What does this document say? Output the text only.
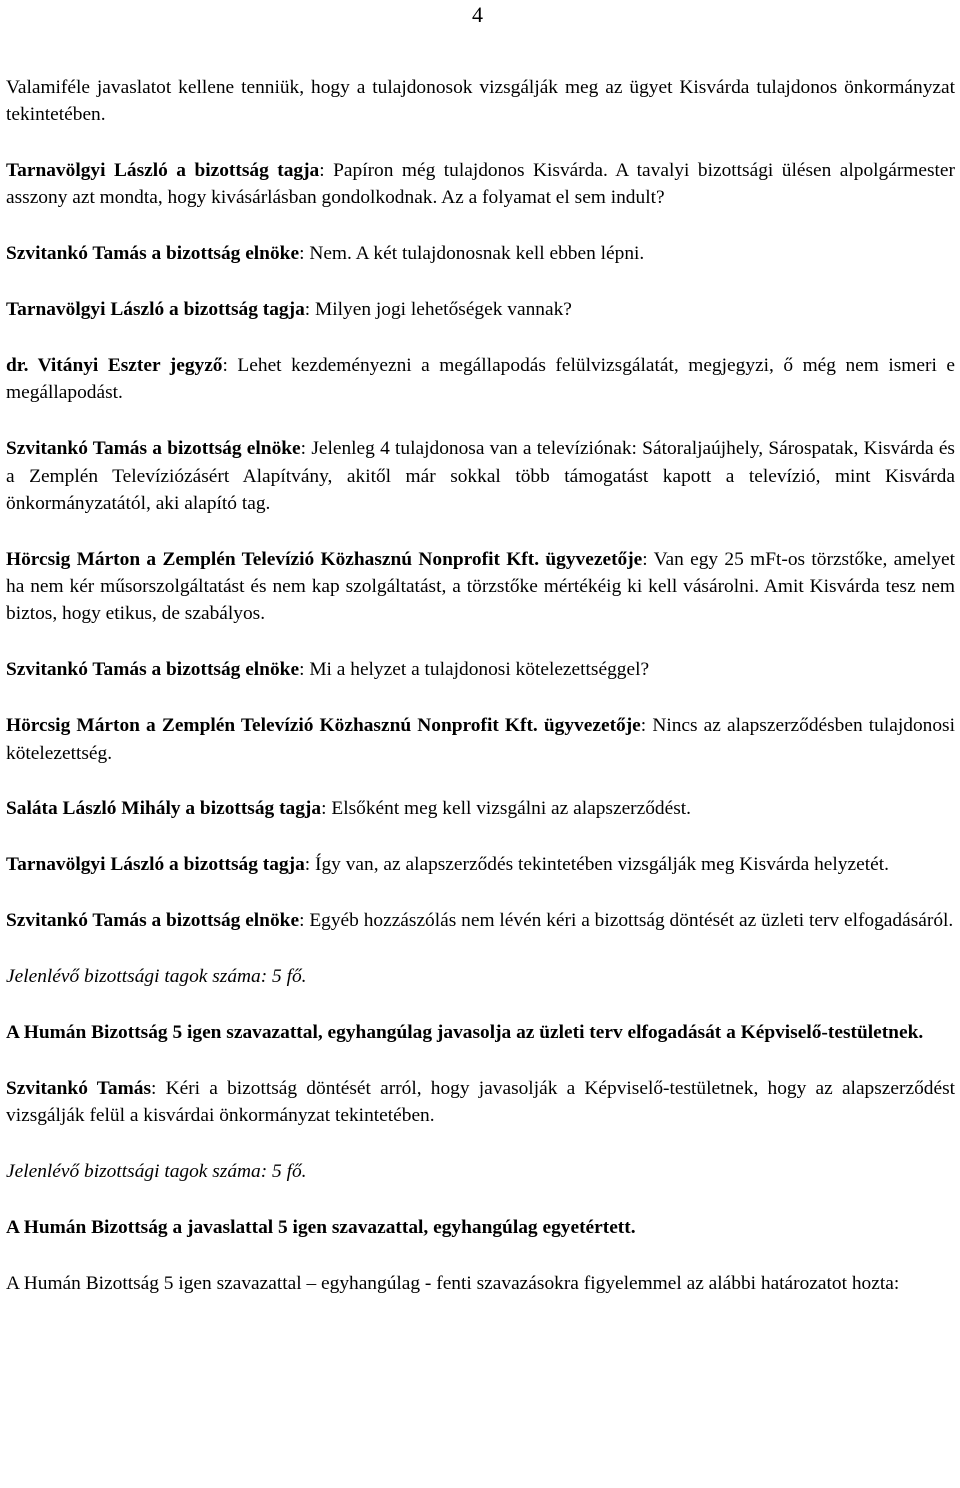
4

Valamiféle javaslatot kellene tenniük, hogy a tulajdonosok vizsgálják meg az ügyet Kisvárda tulajdonos önkormányzat tekintetében.

Tarnavölgyi László a bizottság tagja: Papíron még tulajdonos Kisvárda. A tavalyi bizottsági ülésen alpolgármester asszony azt mondta, hogy kivásárlásban gondolkodnak. Az a folyamat el sem indult?

Szvitankó Tamás a bizottság elnöke: Nem. A két tulajdonosnak kell ebben lépni.

Tarnavölgyi László a bizottság tagja: Milyen jogi lehetőségek vannak?

dr. Vitányi Eszter jegyző: Lehet kezdeményezni a megállapodás felülvizsgálatát, megjegyzi, ő még nem ismeri e megállapodást.

Szvitankó Tamás a bizottság elnöke: Jelenleg 4 tulajdonosa van a televíziónak: Sátoraljaújhely, Sárospatak, Kisvárda és a Zemplén Televíziózásért Alapítvány, akitől már sokkal több támogatást kapott a televízió, mint Kisvárda önkormányzatától, aki alapító tag.

Hörcsig Márton a Zemplén Televízió Közhasznú Nonprofit Kft. ügyvezetője: Van egy 25 mFt-os törzstőke, amelyet ha nem kér műsorszolgáltatást és nem kap szolgáltatást, a törzstőke mértékéig ki kell vásárolni. Amit Kisvárda tesz nem biztos, hogy etikus, de szabályos.

Szvitankó Tamás a bizottság elnöke: Mi a helyzet a tulajdonosi kötelezettséggel?

Hörcsig Márton a Zemplén Televízió Közhasznú Nonprofit Kft. ügyvezetője: Nincs az alapszerződésben tulajdonosi kötelezettség.

Saláta László Mihály a bizottság tagja: Elsőként meg kell vizsgálni az alapszerződést.

Tarnavölgyi László a bizottság tagja: Így van, az alapszerződés tekintetében vizsgálják meg Kisvárda helyzetét.

Szvitankó Tamás a bizottság elnöke: Egyéb hozzászólás nem lévén kéri a bizottság döntését az üzleti terv elfogadásáról.

Jelenlévő bizottsági tagok száma: 5 fő.

A Humán Bizottság 5 igen szavazattal, egyhangúlag javasolja az üzleti terv elfogadását a Képviselő-testületnek.

Szvitankó Tamás: Kéri a bizottság döntését arról, hogy javasolják a Képviselő-testületnek, hogy az alapszerződést vizsgálják felül a kisvárdai önkormányzat tekintetében.

Jelenlévő bizottsági tagok száma: 5 fő.

A Humán Bizottság a javaslattal 5 igen szavazattal, egyhangúlag egyetértett.

A Humán Bizottság 5 igen szavazattal – egyhangúlag - fenti szavazásokra figyelemmel az alábbi határozatot hozta:
